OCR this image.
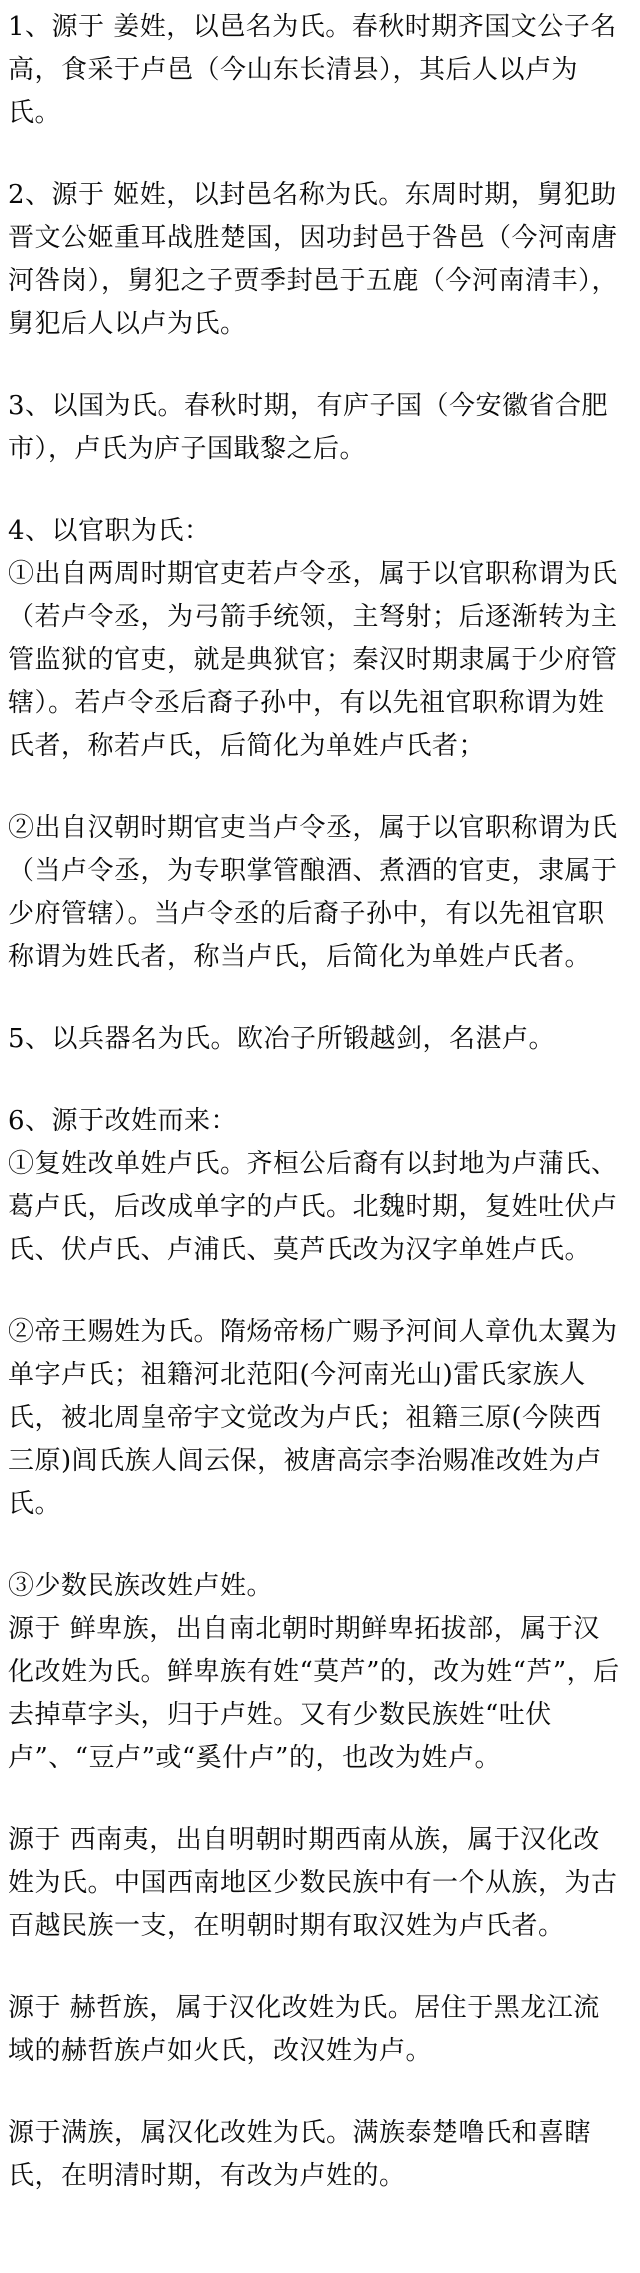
1、源于 姜姓，以邑名为氏。春秋时期齐国文公子名高，食采于卢邑（今山东长清县），其后人以卢为氏。

2、源于 姬姓，以封邑名称为氏。东周时期，舅犯助晋文公姬重耳战胜楚国，因功封邑于咎邑（今河南唐河咎岗），舅犯之子贾季封邑于五鹿（今河南清丰），舅犯后人以卢为氏。

3、以国为氏。春秋时期，有庐子国（今安徽省合肥市），卢氏为庐子国戢黎之后。

4、以官职为氏：

①出自两周时期官吏若卢令丞，属于以官职称谓为氏（若卢令丞，为弓箭手统领，主弩射；后逐渐转为主管监狱的官吏，就是典狱官；秦汉时期隶属于少府管辖）。若卢令丞后裔子孙中，有以先祖官职称谓为姓氏者，称若卢氏，后简化为单姓卢氏者；

②出自汉朝时期官吏当卢令丞，属于以官职称谓为氏（当卢令丞，为专职掌管酿酒、煮酒的官吏，隶属于少府管辖）。当卢令丞的后裔子孙中，有以先祖官职称谓为姓氏者，称当卢氏，后简化为单姓卢氏者。

5、以兵器名为氏。欧冶子所锻越剑，名湛卢。

6、源于改姓而来：

①复姓改单姓卢氏。齐桓公后裔有以封地为卢蒲氏、葛卢氏，后改成单字的卢氏。北魏时期，复姓吐伏卢氏、伏卢氏、卢浦氏、莫芦氏改为汉字单姓卢氏。

②帝王赐姓为氏。隋炀帝杨广赐予河间人章仇太翼为单字卢氏；祖籍河北范阳(今河南光山)雷氏家族人氏，被北周皇帝宇文觉改为卢氏；祖籍三原(今陕西三原)闾氏族人闾云保，被唐高宗李治赐准改姓为卢氏。

③少数民族改姓卢姓。

源于 鲜卑族，出自南北朝时期鲜卑拓拔部，属于汉化改姓为氏。鲜卑族有姓“莫芦”的，改为姓“芦”，后去掉草字头，归于卢姓。又有少数民族姓“吐伏卢”、“豆卢”或“奚什卢”的，也改为姓卢。

源于 西南夷，出自明朝时期西南从族，属于汉化改姓为氏。中国西南地区少数民族中有一个从族，为古百越民族一支，在明朝时期有取汉姓为卢氏者。

源于 赫哲族，属于汉化改姓为氏。居住于黑龙江流域的赫哲族卢如火氏，改汉姓为卢。

源于满族，属汉化改姓为氏。满族泰楚噜氏和喜瞎氏，在明清时期，有改为卢姓的。
